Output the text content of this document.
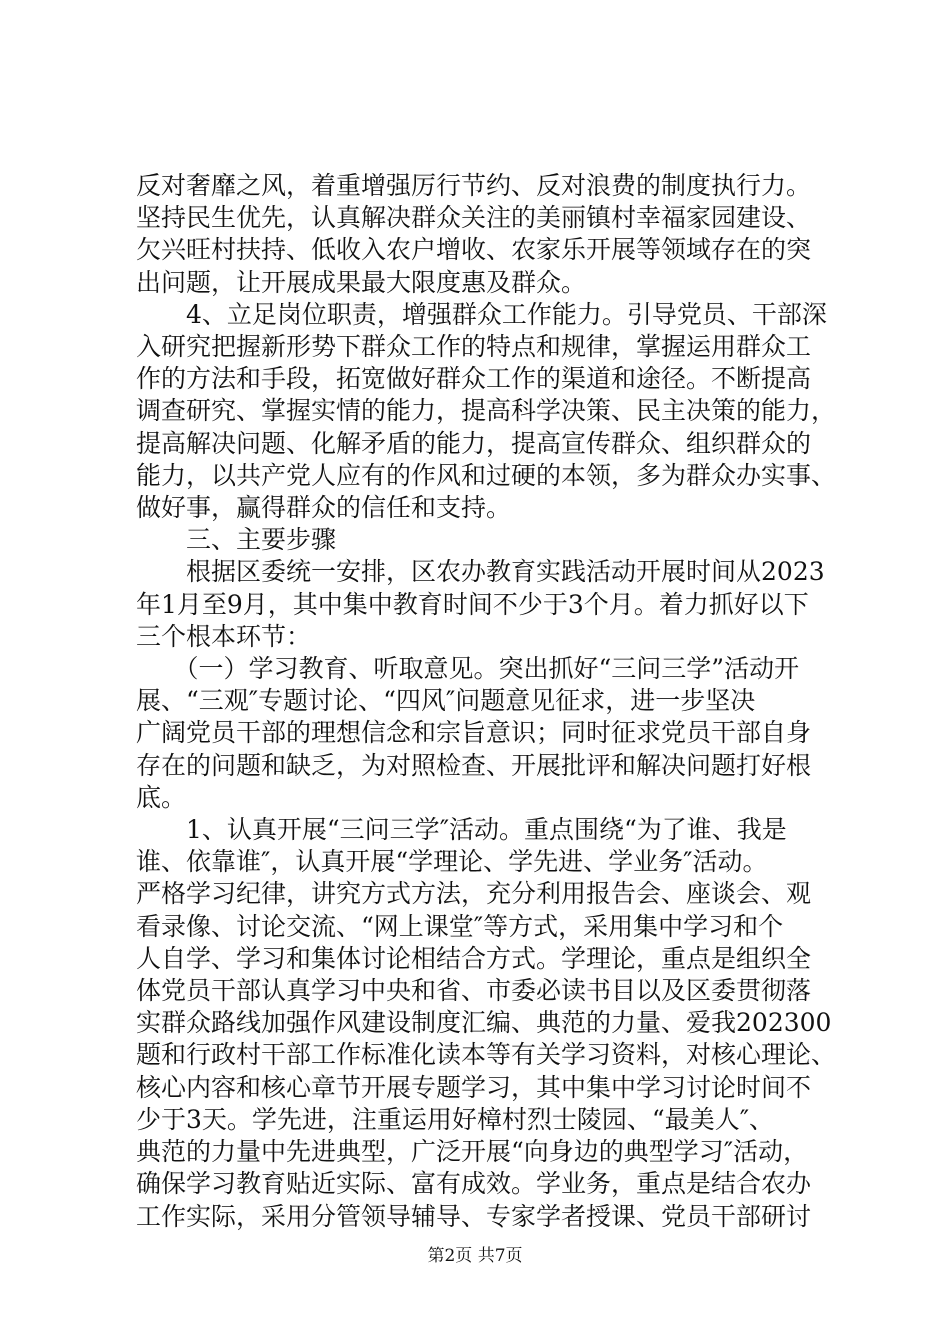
反对奢靡之风，着重增强厉行节约、反对浪费的制度执行力。
坚持民生优先，认真解决群众关注的美丽镇村幸福家园建设、
欠兴旺村扶持、低收入农户增收、农家乐开展等领域存在的突
出问题，让开展成果最大限度惠及群众。
　　4、立足岗位职责，增强群众工作能力。引导党员、干部深
入研究把握新形势下群众工作的特点和规律，掌握运用群众工
作的方法和手段，拓宽做好群众工作的渠道和途径。不断提高
调查研究、掌握实情的能力，提高科学决策、民主决策的能力，
提高解决问题、化解矛盾的能力，提高宣传群众、组织群众的
能力，以共产党人应有的作风和过硬的本领，多为群众办实事、
做好事，赢得群众的信任和支持。
　　三、主要步骤
　　根据区委统一安排，区农办教育实践活动开展时间从2023
年1月至9月，其中集中教育时间不少于3个月。着力抓好以下
三个根本环节：
　　（一）学习教育、听取意见。突出抓好“三问三学”活动开
展、“三观″专题讨论、“四风″问题意见征求，进一步坚决
广阔党员干部的理想信念和宗旨意识；同时征求党员干部自身
存在的问题和缺乏，为对照检查、开展批评和解决问题打好根
底。
　　1、认真开展“三问三学″活动。重点围绕“为了谁、我是
谁、依靠谁″，认真开展“学理论、学先进、学业务″活动。
严格学习纪律，讲究方式方法，充分利用报告会、座谈会、观
看录像、讨论交流、“网上课堂″等方式，采用集中学习和个
人自学、学习和集体讨论相结合方式。学理论，重点是组织全
体党员干部认真学习中央和省、市委必读书目以及区委贯彻落
实群众路线加强作风建设制度汇编、典范的力量、爱我202300
题和行政村干部工作标准化读本等有关学习资料，对核心理论、
核心内容和核心章节开展专题学习，其中集中学习讨论时间不
少于3天。学先进，注重运用好樟村烈士陵园、“最美人″、
典范的力量中先进典型，广泛开展“向身边的典型学习″活动，
确保学习教育贴近实际、富有成效。学业务，重点是结合农办
工作实际，采用分管领导辅导、专家学者授课、党员干部研讨
第2页 共7页
